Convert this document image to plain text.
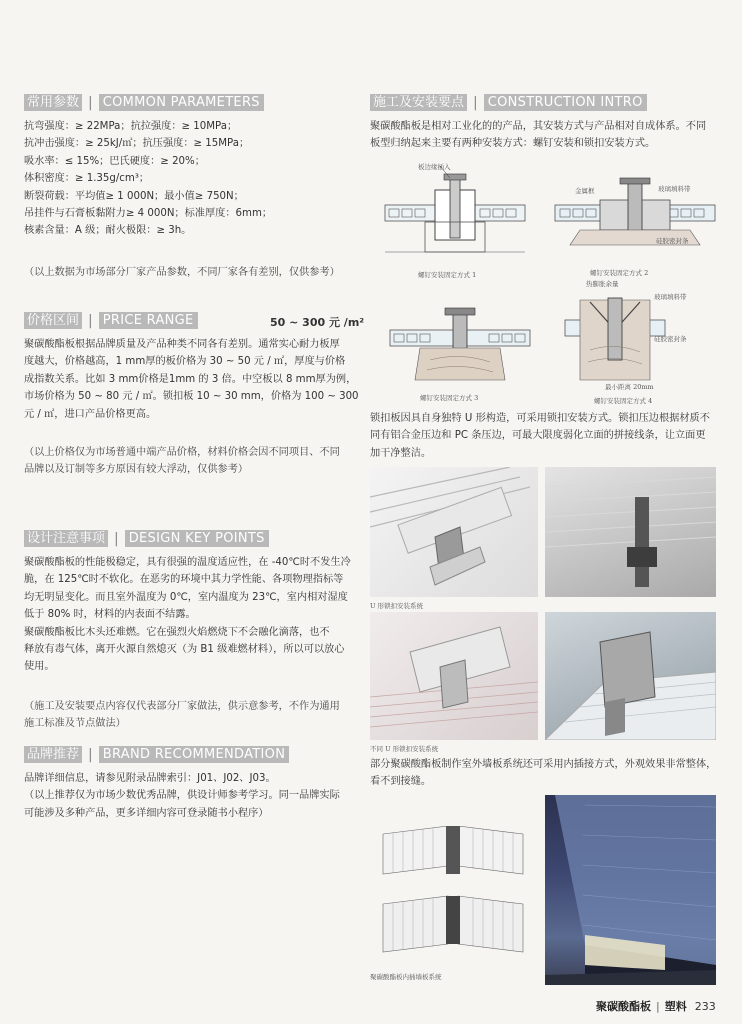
常用参数 | COMMON PARAMETERS
抗弯强度：≥ 22MPa；抗拉强度：≥ 10MPa；
抗冲击强度：≥ 25kJ/㎡；抗压强度：≥ 15MPa；
吸水率：≤ 15%；巴氏硬度：≥ 20%；
体积密度：≥ 1.35g/cm³；
断裂荷载：平均值≥ 1 000N；最小值≥ 750N；
吊挂件与石膏板黏附力≥ 4 000N；标准厚度：6mm；
核素含量：A 级；耐火极限：≥ 3h。
（以上数据为市场部分厂家产品参数，不同厂家各有差别，仅供参考）
价格区间 | PRICE RANGE	50 ~ 300 元 /m²
聚碳酸酯板根据品牌质量及产品种类不同各有差别。通常实心耐力板厚
度越大，价格越高，1 mm厚的板价格为 30 ~ 50 元 / ㎡，厚度与价格
成指数关系。比如 3 mm价格是1mm 的 3 倍。中空板以 8 mm厚为例，
市场价格为 50 ~ 80 元 / ㎡。锁扣板 10 ~ 30 mm，价格为 100 ~ 300
元 / ㎡，进口产品价格更高。
（以上价格仅为市场普通中端产品价格，材料价格会因不同项目、不同
品牌以及订制等多方原因有较大浮动，仅供参考）
设计注意事项 | DESIGN KEY POINTS
聚碳酸酯板的性能极稳定，具有很强的温度适应性，在 -40℃时不发生冷
脆，在 125℃时不软化。在恶劣的环境中其力学性能、各项物理指标等
均无明显变化。而且室外温度为 0℃，室内温度为 23℃，室内相对湿度
低于 80% 时，材料的内表面不结露。
聚碳酸酯板比木头还难燃。它在强烈火焰燃烧下不会融化滴落，也不
释放有毒气体，离开火源自然熄灭（为 B1 级难燃材料），所以可以放心
使用。
（施工及安装要点内容仅代表部分厂家做法，供示意参考，不作为通用
施工标准及节点做法）
品牌推荐 | BRAND RECOMMENDATION
品牌详细信息，请参见附录品牌索引：J01、J02、J03。
（以上推荐仅为市场少数优秀品牌，供设计师参考学习。同一品牌实际
可能涉及多种产品，更多详细内容可登录随书小程序）
施工及安装要点 | CONSTRUCTION INTRO
聚碳酸酯板是相对工业化的的产品，其安装方式与产品相对自成体系。不同
板型归纳起来主要有两种安装方式：螺钉安装和锁扣安装方式。
板边缘插入
螺钉安装固定方式 1
金属框	玻璃填料带
硅胶密封条
螺钉安装固定方式 2
热膨胀余量
螺钉安装固定方式 3
玻璃填料带
硅胶密封条
最小距离 20mm
螺钉安装固定方式 4
锁扣板因具自身独特 U 形构造，可采用锁扣安装方式。锁扣压边根据材质不
同有铝合金压边和 PC 条压边，可最大限度弱化立面的拼接线条，让立面更
加干净整洁。
U 形锁扣安装系统
不同 U 形锁扣安装系统
部分聚碳酸酯板制作室外墙板系统还可采用内插接方式，外观效果非常整体，
看不到接缝。
聚碳酸酯板内插墙板系统
聚碳酸酯板 | 塑料 233
